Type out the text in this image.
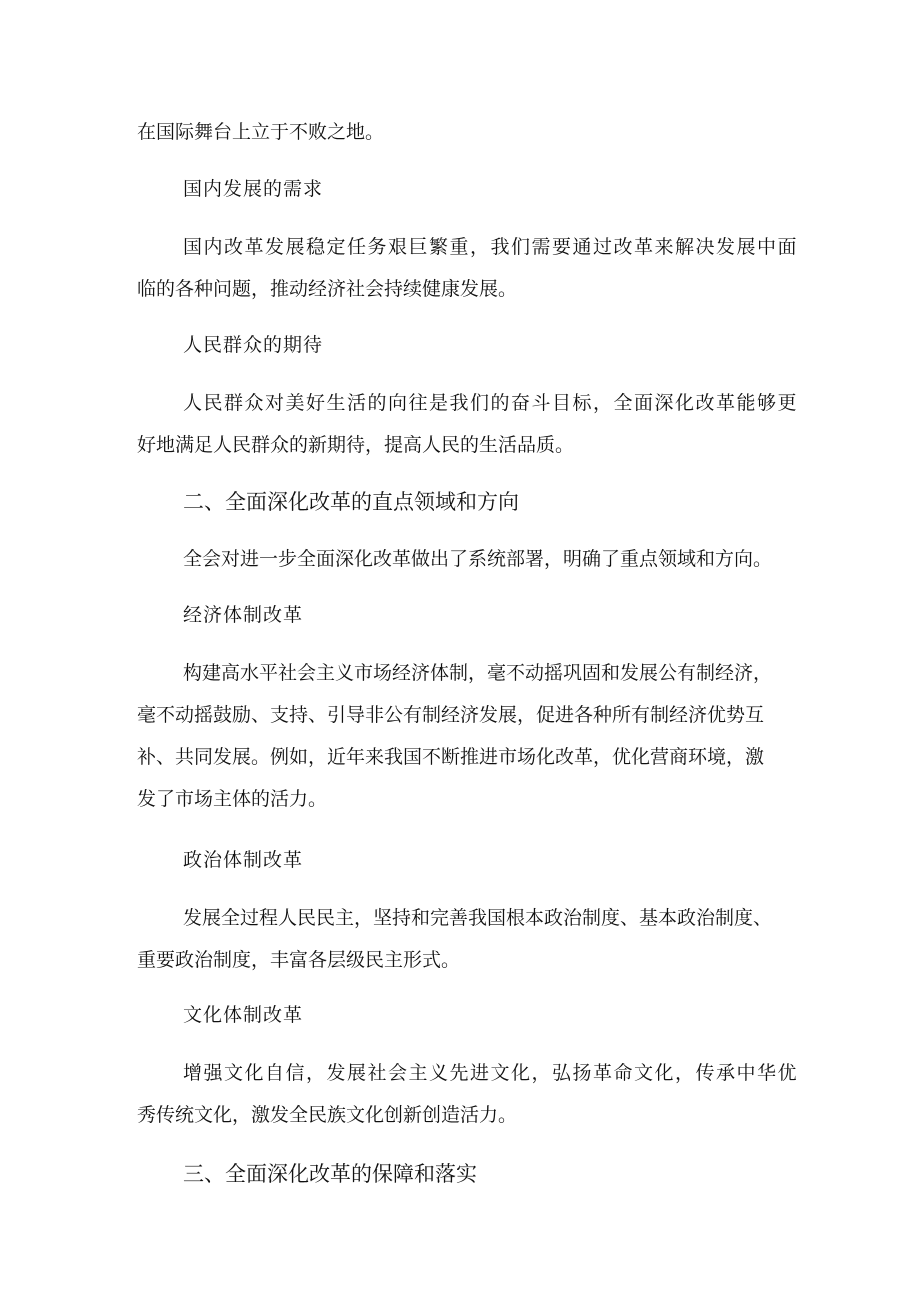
在国际舞台上立于不败之地。

国内发展的需求

国内改革发展稳定任务艰巨繁重，我们需要通过改革来解决发展中面

临的各种问题，推动经济社会持续健康发展。

人民群众的期待

人民群众对美好生活的向往是我们的奋斗目标，全面深化改革能够更

好地满足人民群众的新期待，提高人民的生活品质。

二、全面深化改革的直点领域和方向

全会对进一步全面深化改革做出了系统部署，明确了重点领域和方向。

经济体制改革

构建高水平社会主义市场经济体制，毫不动摇巩固和发展公有制经济，

毫不动摇鼓励、支持、引导非公有制经济发展，促进各种所有制经济优势互

补、共同发展。例如，近年来我国不断推进市场化改革，优化营商环境，激

发了市场主体的活力。

政治体制改革

发展全过程人民民主，坚持和完善我国根本政治制度、基本政治制度、

重要政治制度，丰富各层级民主形式。

文化体制改革

增强文化自信，发展社会主义先进文化，弘扬革命文化，传承中华优

秀传统文化，激发全民族文化创新创造活力。

三、全面深化改革的保障和落实
